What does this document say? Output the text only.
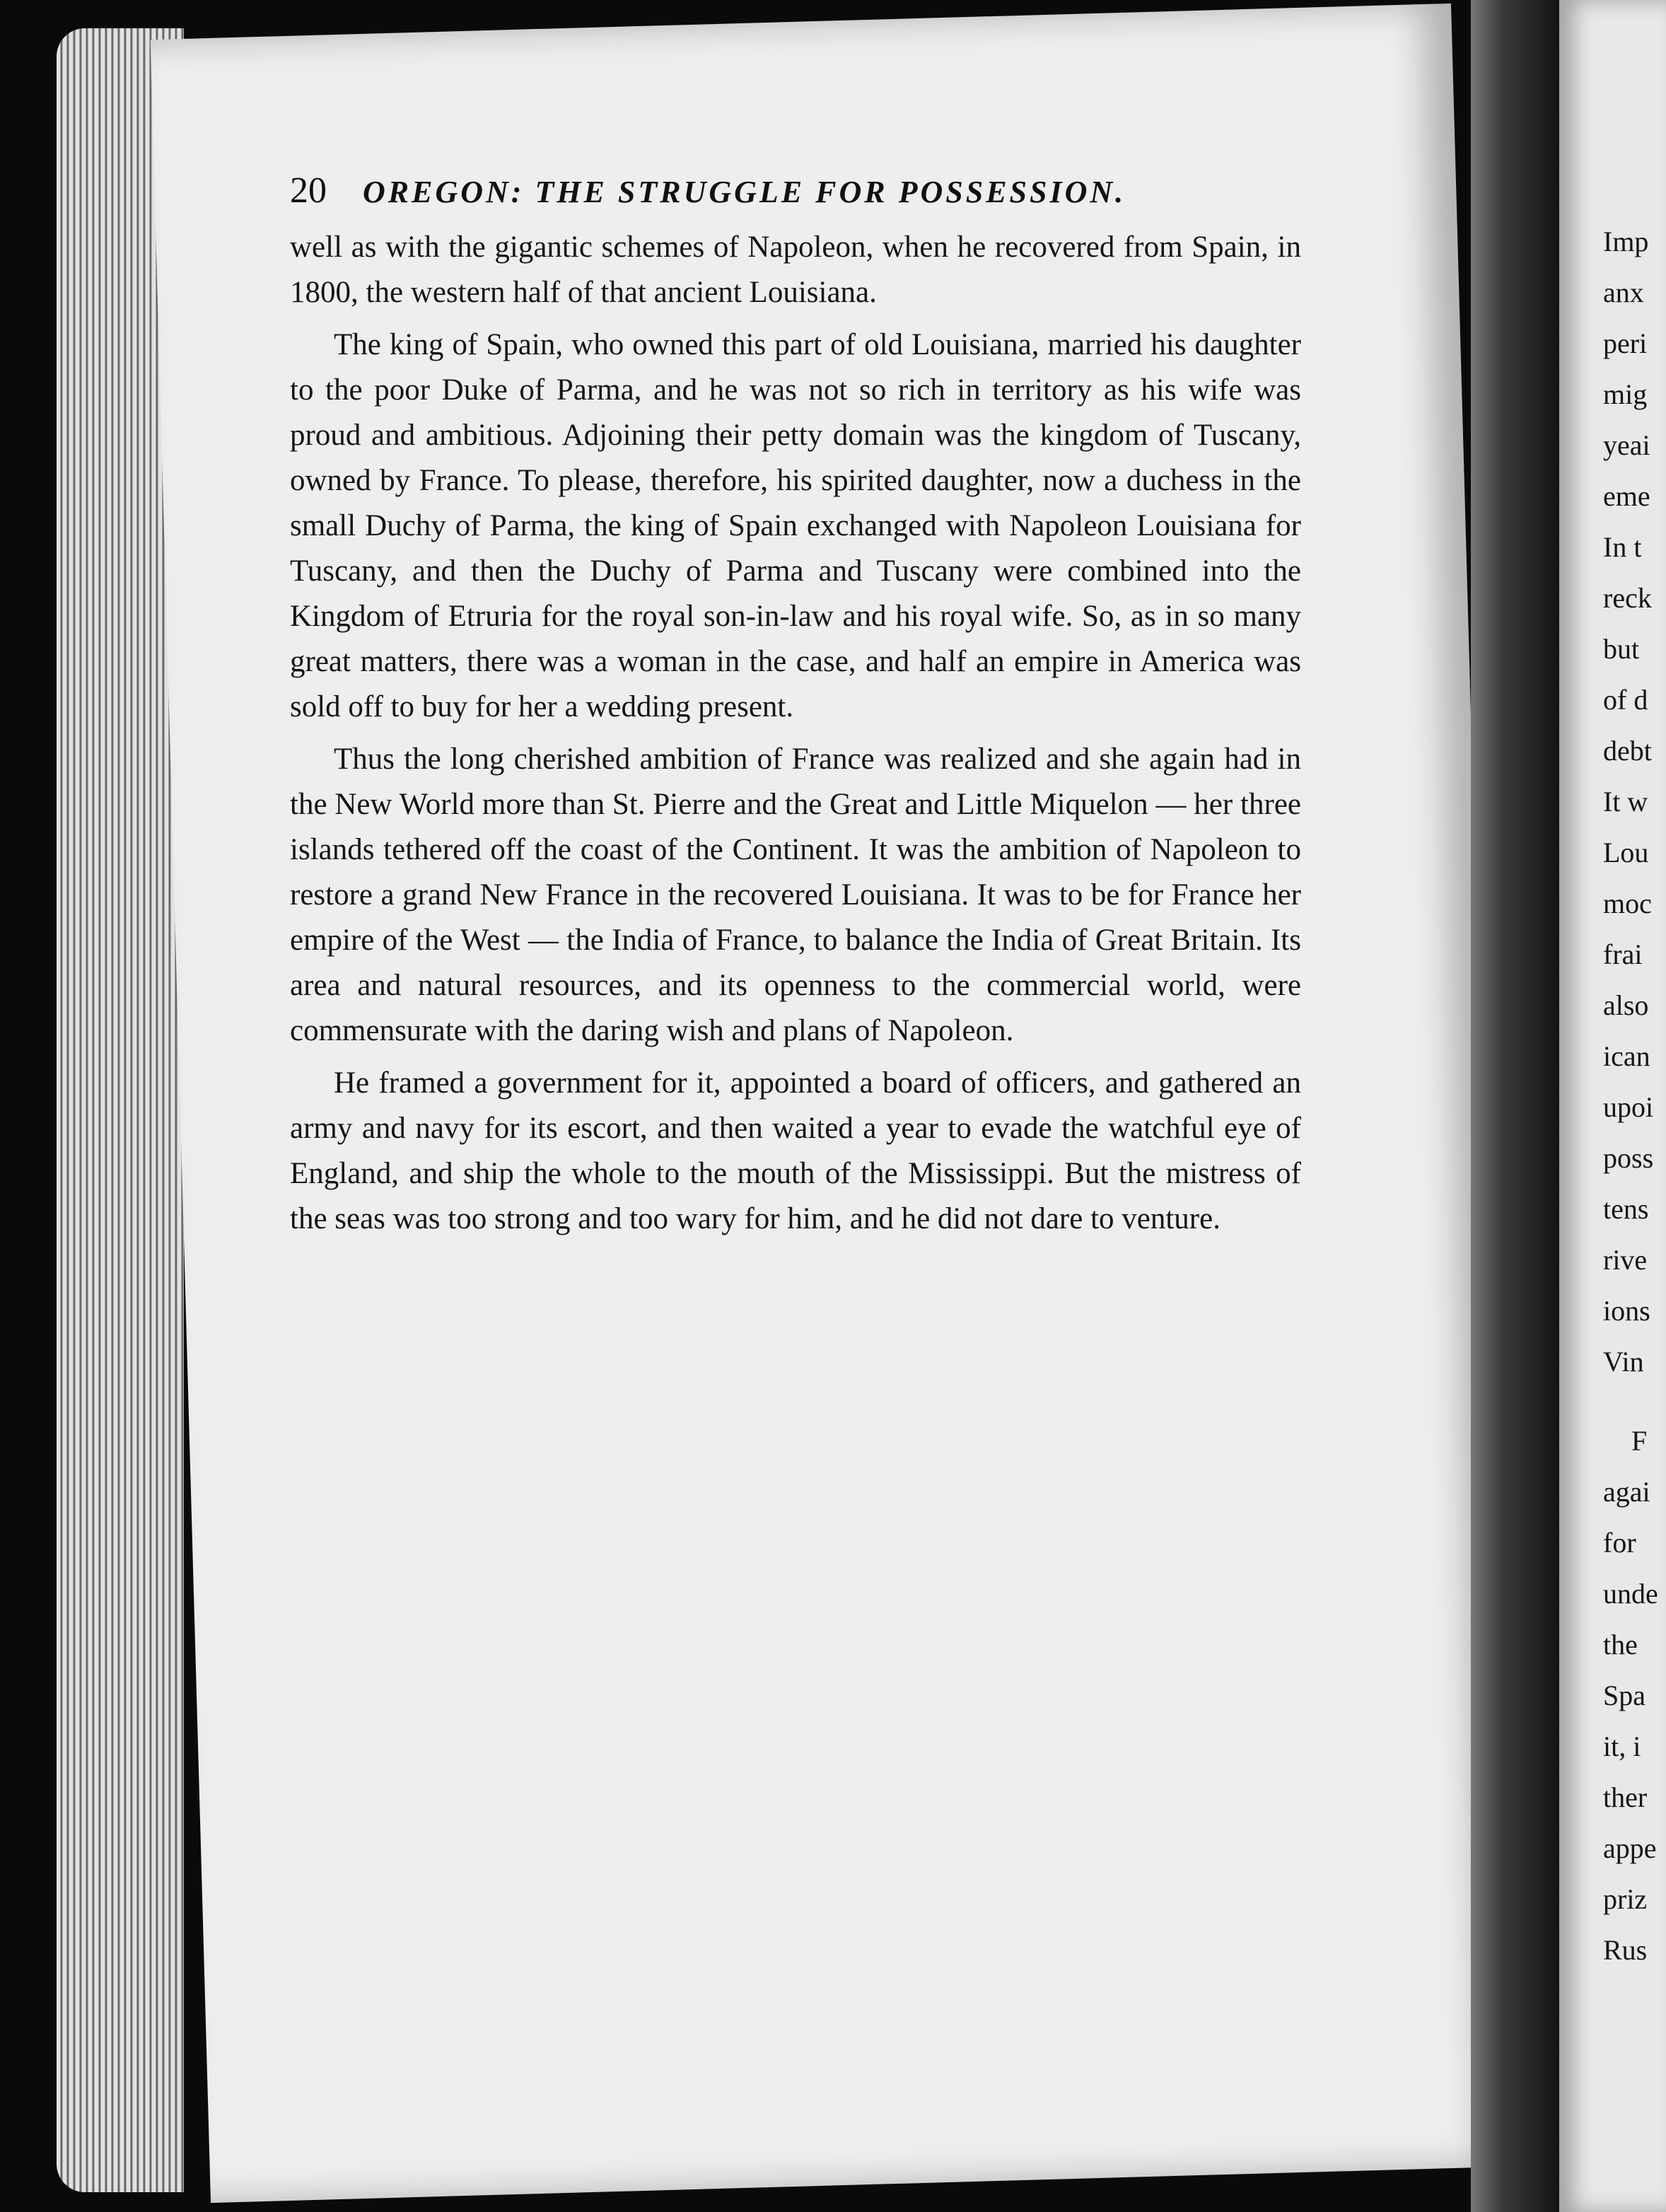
20 OREGON: THE STRUGGLE FOR POSSESSION.

well as with the gigantic schemes of Napoleon, when he recovered from Spain, in 1800, the western half of that ancient Louisiana.

The king of Spain, who owned this part of old Louisiana, married his daughter to the poor Duke of Parma, and he was not so rich in territory as his wife was proud and ambitious. Adjoining their petty domain was the kingdom of Tuscany, owned by France. To please, therefore, his spirited daughter, now a duchess in the small Duchy of Parma, the king of Spain exchanged with Napoleon Louisiana for Tuscany, and then the Duchy of Parma and Tuscany were combined into the Kingdom of Etruria for the royal son-in-law and his royal wife. So, as in so many great matters, there was a woman in the case, and half an empire in America was sold off to buy for her a wedding present.

Thus the long cherished ambition of France was realized and she again had in the New World more than St. Pierre and the Great and Little Miquelon — her three islands tethered off the coast of the Continent. It was the ambition of Napoleon to restore a grand New France in the recovered Louisiana. It was to be for France her empire of the West — the India of France, to balance the India of Great Britain. Its area and natural resources, and its openness to the commercial world, were commensurate with the daring wish and plans of Napoleon.

He framed a government for it, appointed a board of officers, and gathered an army and navy for its escort, and then waited a year to evade the watchful eye of England, and ship the whole to the mouth of the Mississippi. But the mistress of the seas was too strong and too wary for him, and he did not dare to venture.

Imp
anx
peri
mig
yeai
eme
In t
reck
but
of d
debt
It w
Lou
moc
frai
also
ican
upoi
poss
tens
rive
ions
Vin
F
agai
for
unde
the
Spa
it, i
ther
appe
priz
Rus
